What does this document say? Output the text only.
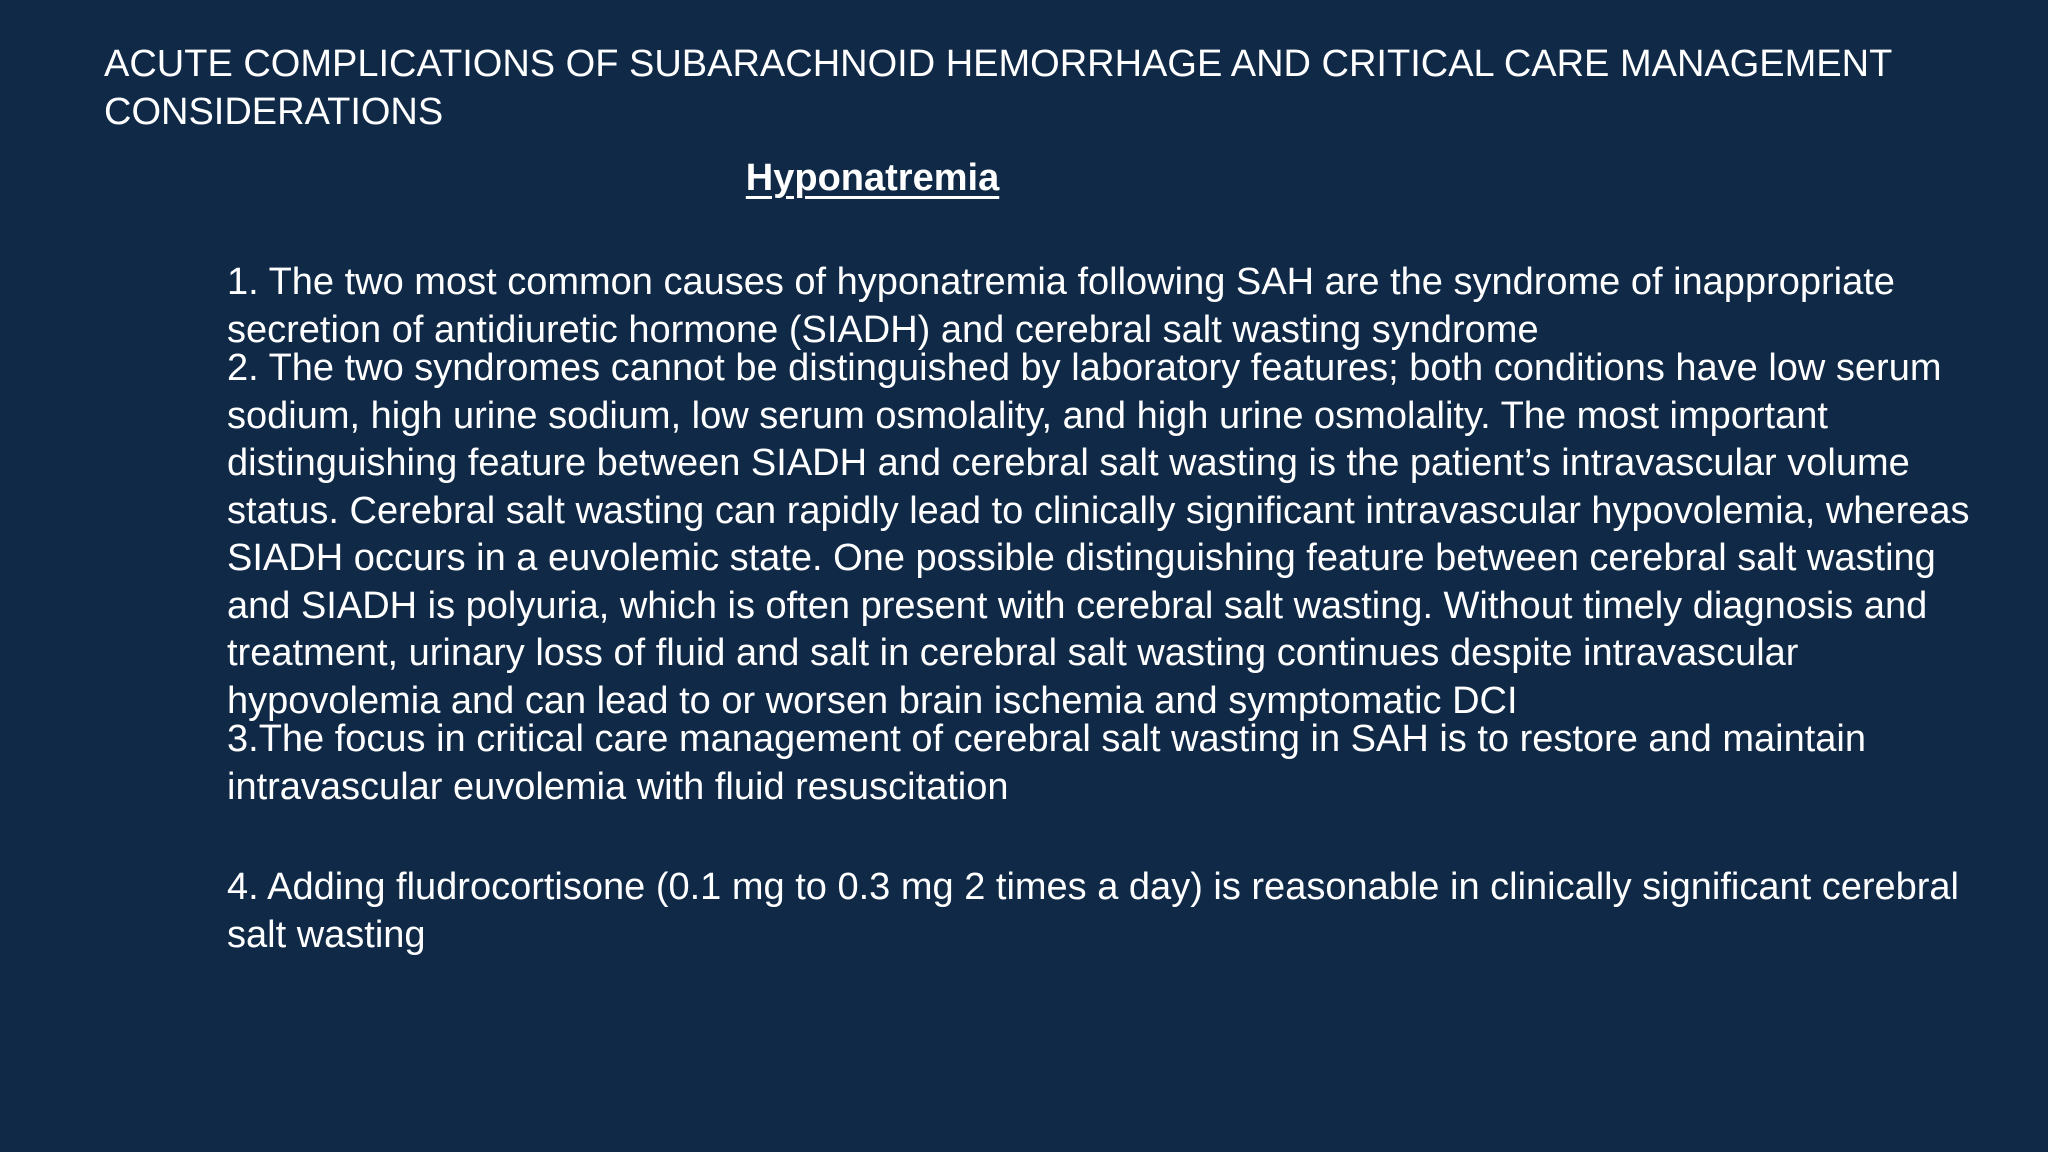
ACUTE COMPLICATIONS OF SUBARACHNOID HEMORRHAGE AND CRITICAL CARE MANAGEMENT CONSIDERATIONS
Hyponatremia

1. The two most common causes of hyponatremia following SAH are the syndrome of inappropriate secretion of antidiuretic hormone (SIADH) and cerebral salt wasting syndrome

2. The two syndromes cannot be distinguished by laboratory features; both conditions have low serum sodium, high urine sodium, low serum osmolality, and high urine osmolality. The most important distinguishing feature between SIADH and cerebral salt wasting is the patient’s intravascular volume status. Cerebral salt wasting can rapidly lead to clinically significant intravascular hypovolemia, whereas SIADH occurs in a euvolemic state. One possible distinguishing feature between cerebral salt wasting and SIADH is polyuria, which is often present with cerebral salt wasting. Without timely diagnosis and treatment, urinary loss of fluid and salt in cerebral salt wasting continues despite intravascular hypovolemia and can lead to or worsen brain ischemia and symptomatic DCI

3.The focus in critical care management of cerebral salt wasting in SAH is to restore and maintain intravascular euvolemia with fluid resuscitation

4. Adding fludrocortisone (0.1 mg to 0.3 mg 2 times a day) is reasonable in clinically significant cerebral salt wasting
